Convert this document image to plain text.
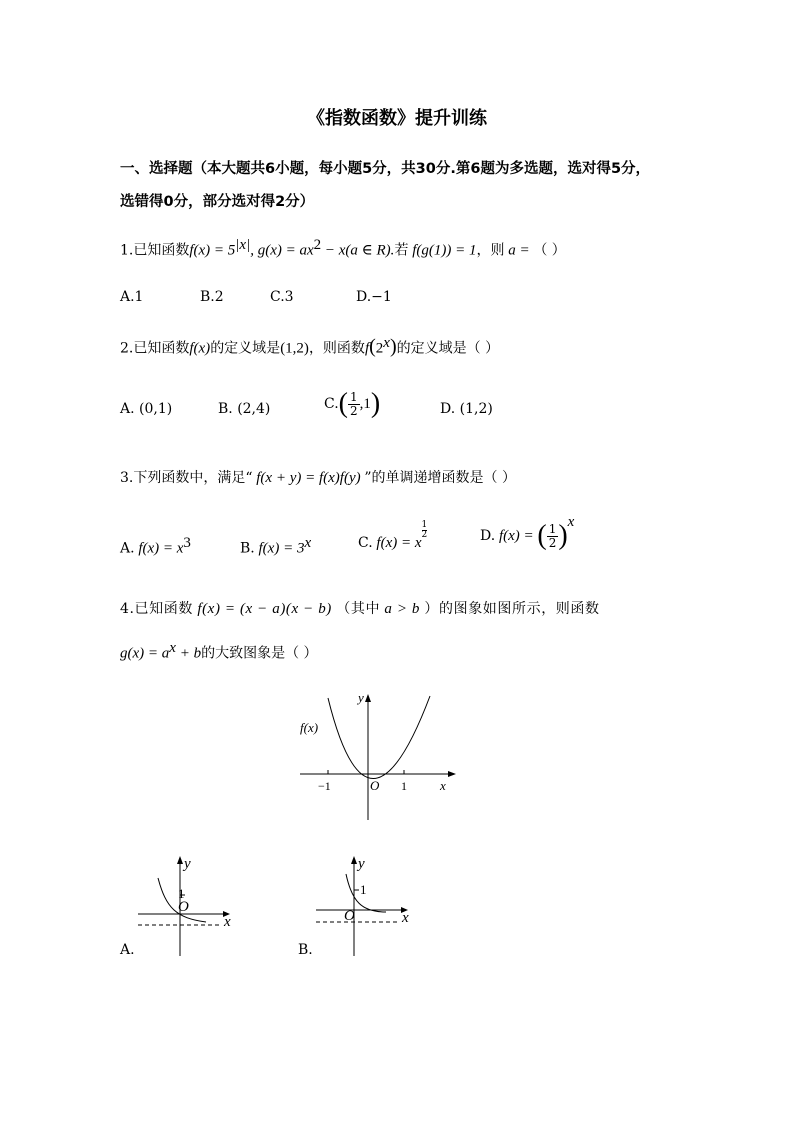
《指数函数》提升训练
一、选择题（本大题共6小题，每小题5分，共30分.第6题为多选题，选对得5分，
选错得0分，部分选对得2分）
1.已知函数$f(x) = 5^{|x|}$, $g(x) = ax^2 - x(a$ ∈ R).若 f(g(1)) = 1，则 a = （ ）
A.1	B.2	C.3	D.−1
2.已知函数f(x)的定义域是(1,2)，则函数f(2$^x$)的定义域是（ ）
A. (0,1)	B. (2,4)	$C.( \frac{1}{2} ,1)$	D. (1,2)
3.下列函数中，满足“ f(x + y) = f(x)f(y) ”的单调递增函数是（ ）
A. $f(x) = x^3$	B. $f(x) = 3^x$	C. f(x) = x
$\frac{1}{2}$	D. f(x) = ( $\frac{1}{2} )^x$
4.已知函数 f(x) = (x − a)(x − b) （其中 a > b ）的图象如图所示，则函数
$g(x) = a^x + b$的大致图象是（ ）
y
x
f(x)
O
−1	1
y
x
1
O
A.
y
x
1
O
B.
